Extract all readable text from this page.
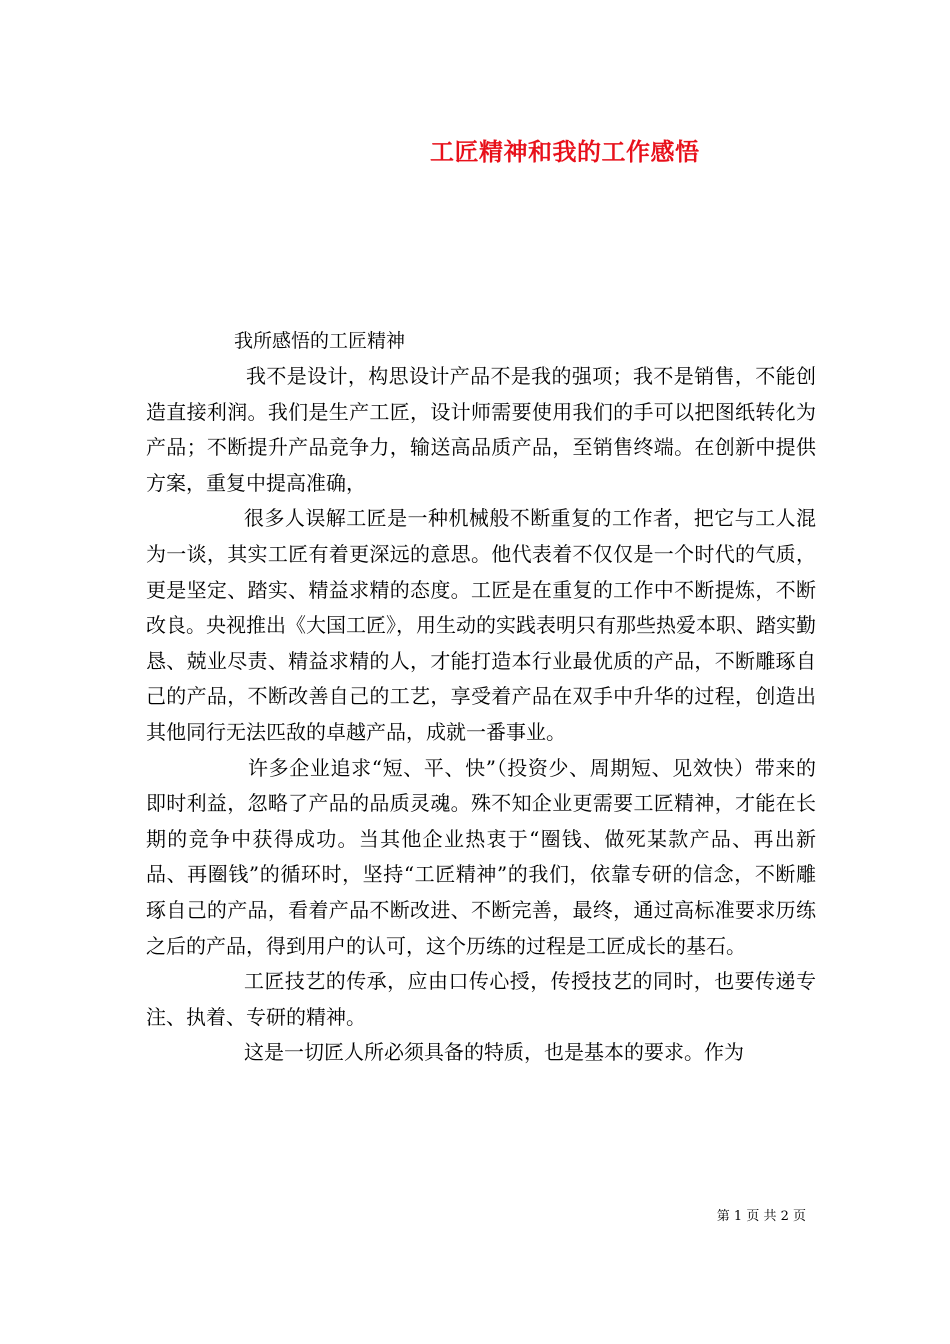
工匠精神和我的工作感悟
我所感悟的工匠精神

我不是设计，构思设计产品不是我的强项；我不是销售，不能创造直接利润。我们是生产工匠，设计师需要使用我们的手可以把图纸转化为产品；不断提升产品竞争力，输送高品质产品，至销售终端。在创新中提供方案，重复中提高准确，

很多人误解工匠是一种机械般不断重复的工作者，把它与工人混为一谈，其实工匠有着更深远的意思。他代表着不仅仅是一个时代的气质，更是坚定、踏实、精益求精的态度。工匠是在重复的工作中不断提炼，不断改良。央视推出《大国工匠》，用生动的实践表明只有那些热爱本职、踏实勤恳、兢业尽责、精益求精的人，才能打造本行业最优质的产品，不断雕琢自己的产品，不断改善自己的工艺，享受着产品在双手中升华的过程，创造出其他同行无法匹敌的卓越产品，成就一番事业。

许多企业追求“短、平、快”（投资少、周期短、见效快）带来的即时利益，忽略了产品的品质灵魂。殊不知企业更需要工匠精神，才能在长期的竞争中获得成功。当其他企业热衷于“圈钱、做死某款产品、再出新品、再圈钱”的循环时，坚持“工匠精神”的我们，依靠专研的信念，不断雕琢自己的产品，看着产品不断改进、不断完善，最终，通过高标准要求历练之后的产品，得到用户的认可，这个历练的过程是工匠成长的基石。

工匠技艺的传承，应由口传心授，传授技艺的同时，也要传递专注、执着、专研的精神。

这是一切匠人所必须具备的特质，也是基本的要求。作为

第 1 页 共 2 页
